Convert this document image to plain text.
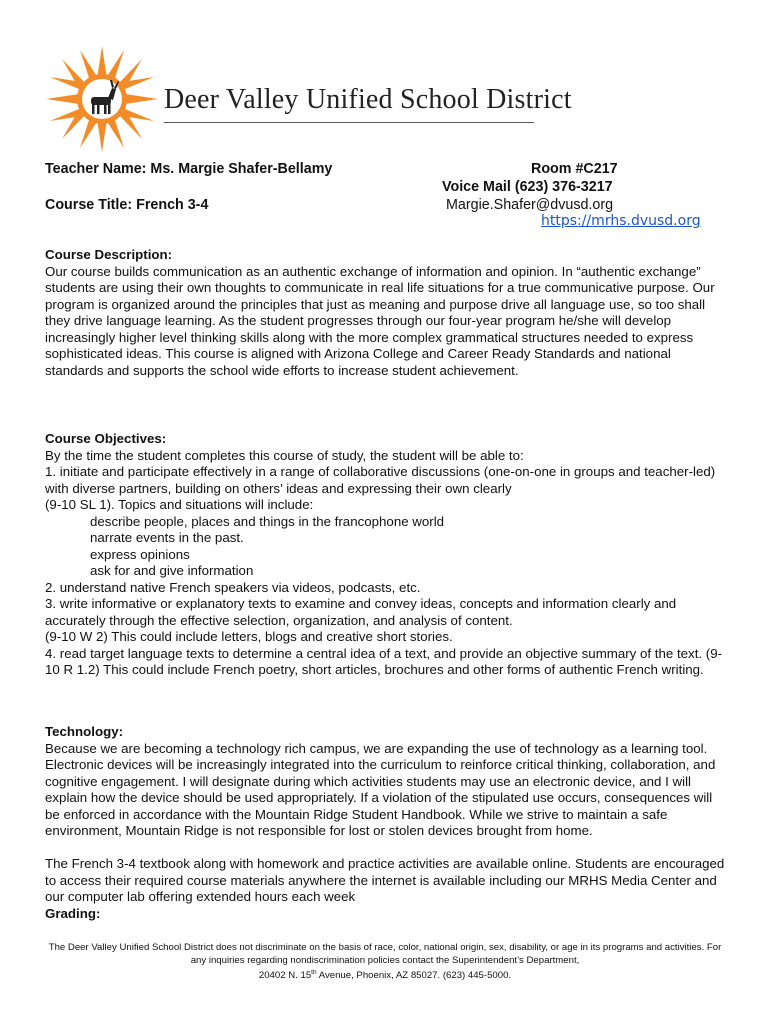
Deer Valley Unified School District
Teacher Name: Ms. Margie Shafer-Bellamy	Room #C217
Voice Mail (623) 376-3217
Course Title: French 3-4	Margie.Shafer@dvusd.org
https://mrhs.dvusd.org

Course Description:

Our course builds communication as an authentic exchange of information and opinion. In “authentic exchange” students are using their own thoughts to communicate in real life situations for a true communicative purpose. Our program is organized around the principles that just as meaning and purpose drive all language use, so too shall they drive language learning. As the student progresses through our four-year program he/she will develop increasingly higher level thinking skills along with the more complex grammatical structures needed to express sophisticated ideas. This course is aligned with Arizona College and Career Ready Standards and national standards and supports the school wide efforts to increase student achievement.

Course Objectives:

By the time the student completes this course of study, the student will be able to:

1. initiate and participate effectively in a range of collaborative discussions (one-on-one in groups and teacher-led) with diverse partners, building on others’ ideas and expressing their own clearly

(9-10 SL 1). Topics and situations will include:

describe people, places and things in the francophone world

narrate events in the past.

express opinions

ask for and give information

2. understand native French speakers via videos, podcasts, etc.

3. write informative or explanatory texts to examine and convey ideas, concepts and information clearly and accurately through the effective selection, organization, and analysis of content.

(9-10 W 2) This could include letters, blogs and creative short stories.

4. read target language texts to determine a central idea of a text, and provide an objective summary of the text. (9-10 R 1.2) This could include French poetry, short articles, brochures and other forms of authentic French writing.

Technology:

Because we are becoming a technology rich campus, we are expanding the use of technology as a learning tool. Electronic devices will be increasingly integrated into the curriculum to reinforce critical thinking, collaboration, and cognitive engagement. I will designate during which activities students may use an electronic device, and I will explain how the device should be used appropriately. If a violation of the stipulated use occurs, consequences will be enforced in accordance with the Mountain Ridge Student Handbook. While we strive to maintain a safe environment, Mountain Ridge is not responsible for lost or stolen devices brought from home.

The French 3-4 textbook along with homework and practice activities are available online. Students are encouraged to access their required course materials anywhere the internet is available including our MRHS Media Center and our computer lab offering extended hours each week

Grading:

The Deer Valley Unified School District does not discriminate on the basis of race, color, national origin, sex, disability, or age in its programs and activities. For any inquiries regarding nondiscrimination policies contact the Superintendent’s Department,
20402 N. 15th Avenue, Phoenix, AZ 85027. (623) 445-5000.
